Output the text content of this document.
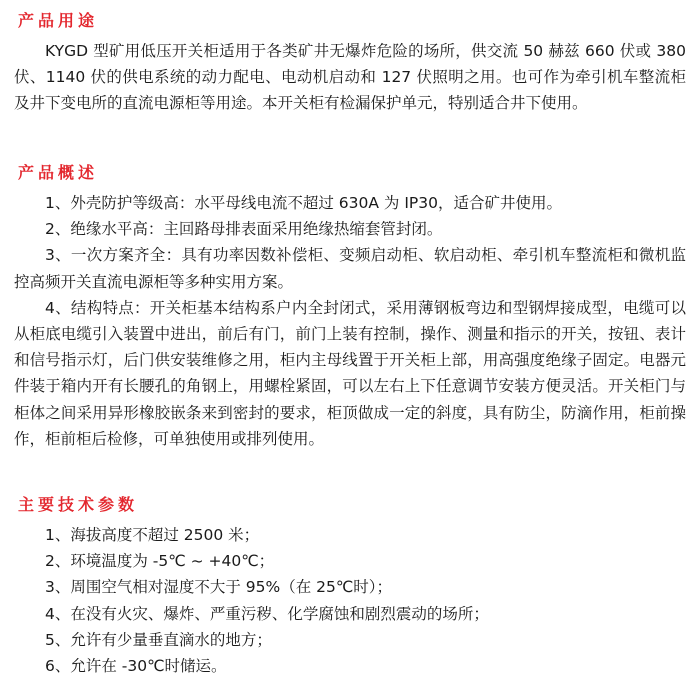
产品用途

KYGD 型矿用低压开关柜适用于各类矿井无爆炸危险的场所，供交流 50 赫兹 660 伏或 380 伏、1140 伏的供电系统的动力配电、电动机启动和 127 伏照明之用。也可作为牵引机车整流柜及井下变电所的直流电源柜等用途。本开关柜有检漏保护单元，特别适合井下使用。

产品概述

1、外壳防护等级高：水平母线电流不超过 630A 为 IP30，适合矿井使用。

2、绝缘水平高：主回路母排表面采用绝缘热缩套管封闭。

3、一次方案齐全：具有功率因数补偿柜、变频启动柜、软启动柜、牵引机车整流柜和微机监控高频开关直流电源柜等多种实用方案。

4、结构特点：开关柜基本结构系户内全封闭式，采用薄钢板弯边和型钢焊接成型，电缆可以从柜底电缆引入装置中进出，前后有门，前门上装有控制，操作、测量和指示的开关，按钮、表计和信号指示灯，后门供安装维修之用，柜内主母线置于开关柜上部，用高强度绝缘子固定。电器元件装于箱内开有长腰孔的角钢上，用螺栓紧固，可以左右上下任意调节安装方便灵活。开关柜门与柜体之间采用异形橡胶嵌条来到密封的要求，柜顶做成一定的斜度，具有防尘，防滴作用，柜前操作，柜前柜后检修，可单独使用或排列使用。

主要技术参数

1、海拔高度不超过 2500 米；

2、环境温度为 -5℃ ~ +40℃；

3、周围空气相对湿度不大于 95%（在 25℃时）；

4、在没有火灾、爆炸、严重污秽、化学腐蚀和剧烈震动的场所；

5、允许有少量垂直滴水的地方；

6、允许在 -30℃时储运。
